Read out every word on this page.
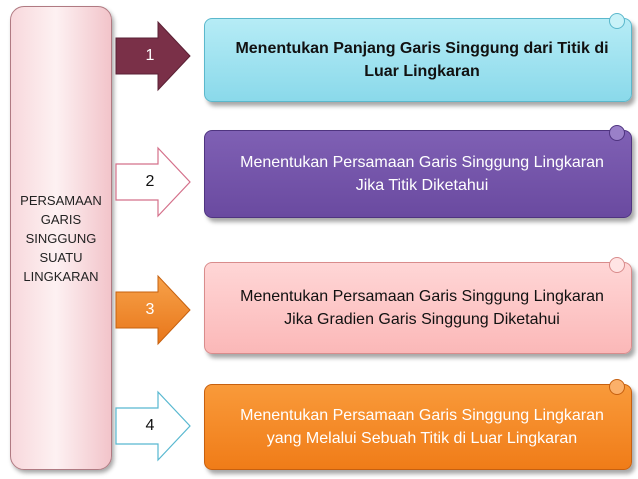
PERSAMAAN
GARIS
SINGGUNG
SUATU
LINGKARAN
1
2
3
4
Menentukan Panjang Garis Singgung dari Titik di Luar Lingkaran
Menentukan Persamaan Garis Singgung Lingkaran Jika Titik Diketahui
Menentukan Persamaan Garis Singgung Lingkaran Jika Gradien Garis Singgung Diketahui
Menentukan Persamaan Garis Singgung Lingkaran yang Melalui Sebuah Titik di Luar Lingkaran
